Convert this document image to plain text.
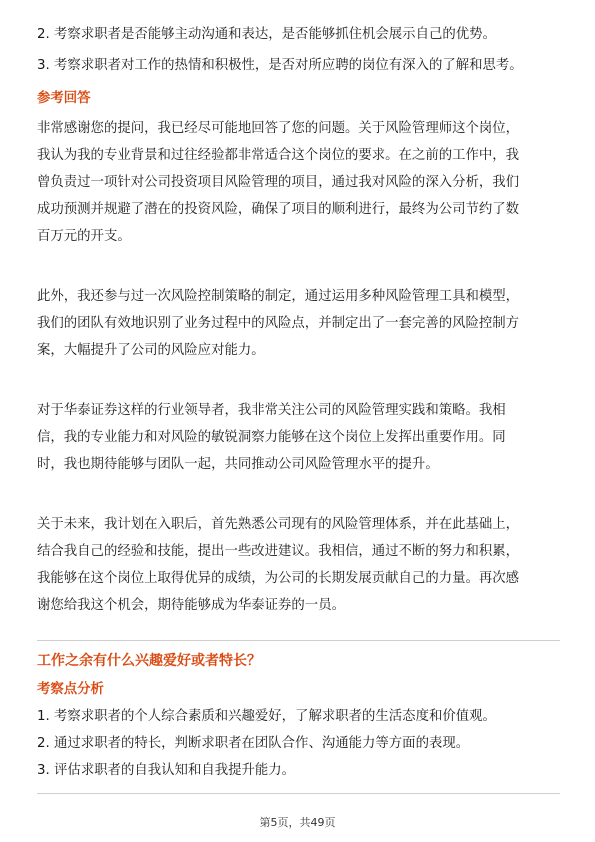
2. 考察求职者是否能够主动沟通和表达，是否能够抓住机会展示自己的优势。

3. 考察求职者对工作的热情和积极性，是否对所应聘的岗位有深入的了解和思考。

参考回答

非常感谢您的提问，我已经尽可能地回答了您的问题。关于风险管理师这个岗位，

我认为我的专业背景和过往经验都非常适合这个岗位的要求。在之前的工作中，我

曾负责过一项针对公司投资项目风险管理的项目，通过我对风险的深入分析，我们

成功预测并规避了潜在的投资风险，确保了项目的顺利进行，最终为公司节约了数

百万元的开支。

此外，我还参与过一次风险控制策略的制定，通过运用多种风险管理工具和模型，

我们的团队有效地识别了业务过程中的风险点，并制定出了一套完善的风险控制方

案，大幅提升了公司的风险应对能力。

对于华泰证券这样的行业领导者，我非常关注公司的风险管理实践和策略。我相

信，我的专业能力和对风险的敏锐洞察力能够在这个岗位上发挥出重要作用。同

时，我也期待能够与团队一起，共同推动公司风险管理水平的提升。

关于未来，我计划在入职后，首先熟悉公司现有的风险管理体系，并在此基础上，

结合我自己的经验和技能，提出一些改进建议。我相信，通过不断的努力和积累，

我能够在这个岗位上取得优异的成绩，为公司的长期发展贡献自己的力量。再次感

谢您给我这个机会，期待能够成为华泰证券的一员。

工作之余有什么兴趣爱好或者特长？

考察点分析

1. 考察求职者的个人综合素质和兴趣爱好，了解求职者的生活态度和价值观。

2. 通过求职者的特长，判断求职者在团队合作、沟通能力等方面的表现。

3. 评估求职者的自我认知和自我提升能力。

第5页，共49页
